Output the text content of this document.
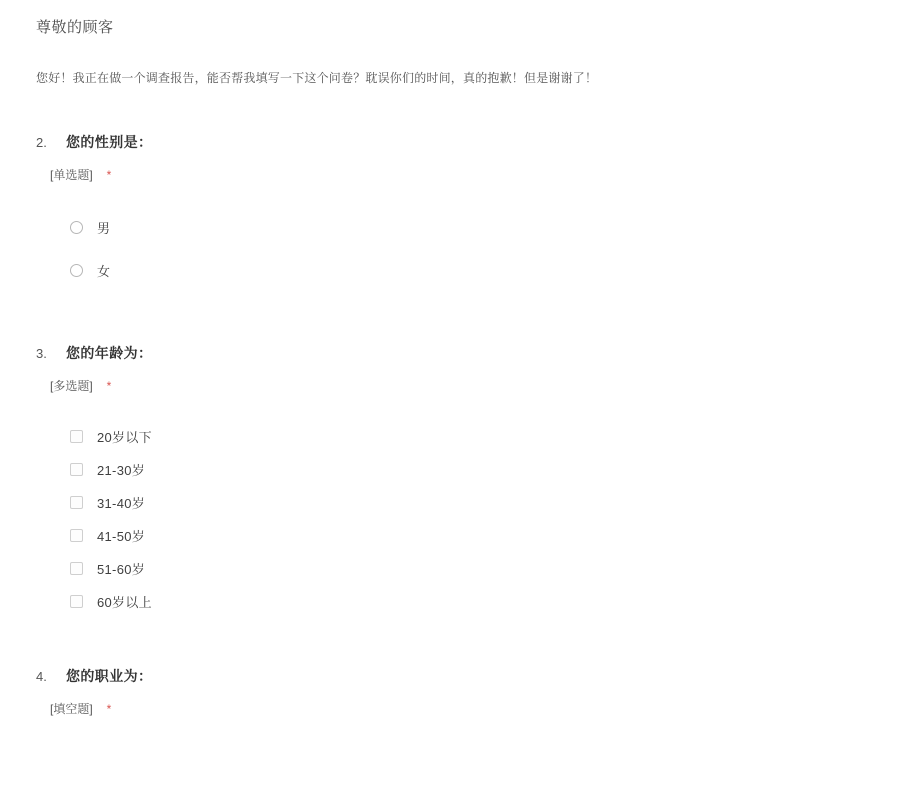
尊敬的顾客

您好！我正在做一个调查报告，能否帮我填写一下这个问卷？耽误你们的时间，真的抱歉！但是谢谢了！

2.	您的性别是：
[单选题]	*
男
女
3.	您的年龄为：
[多选题]	*
20岁以下
21-30岁
31-40岁
41-50岁
51-60岁
60岁以上
4.	您的职业为：
[填空题]	*
